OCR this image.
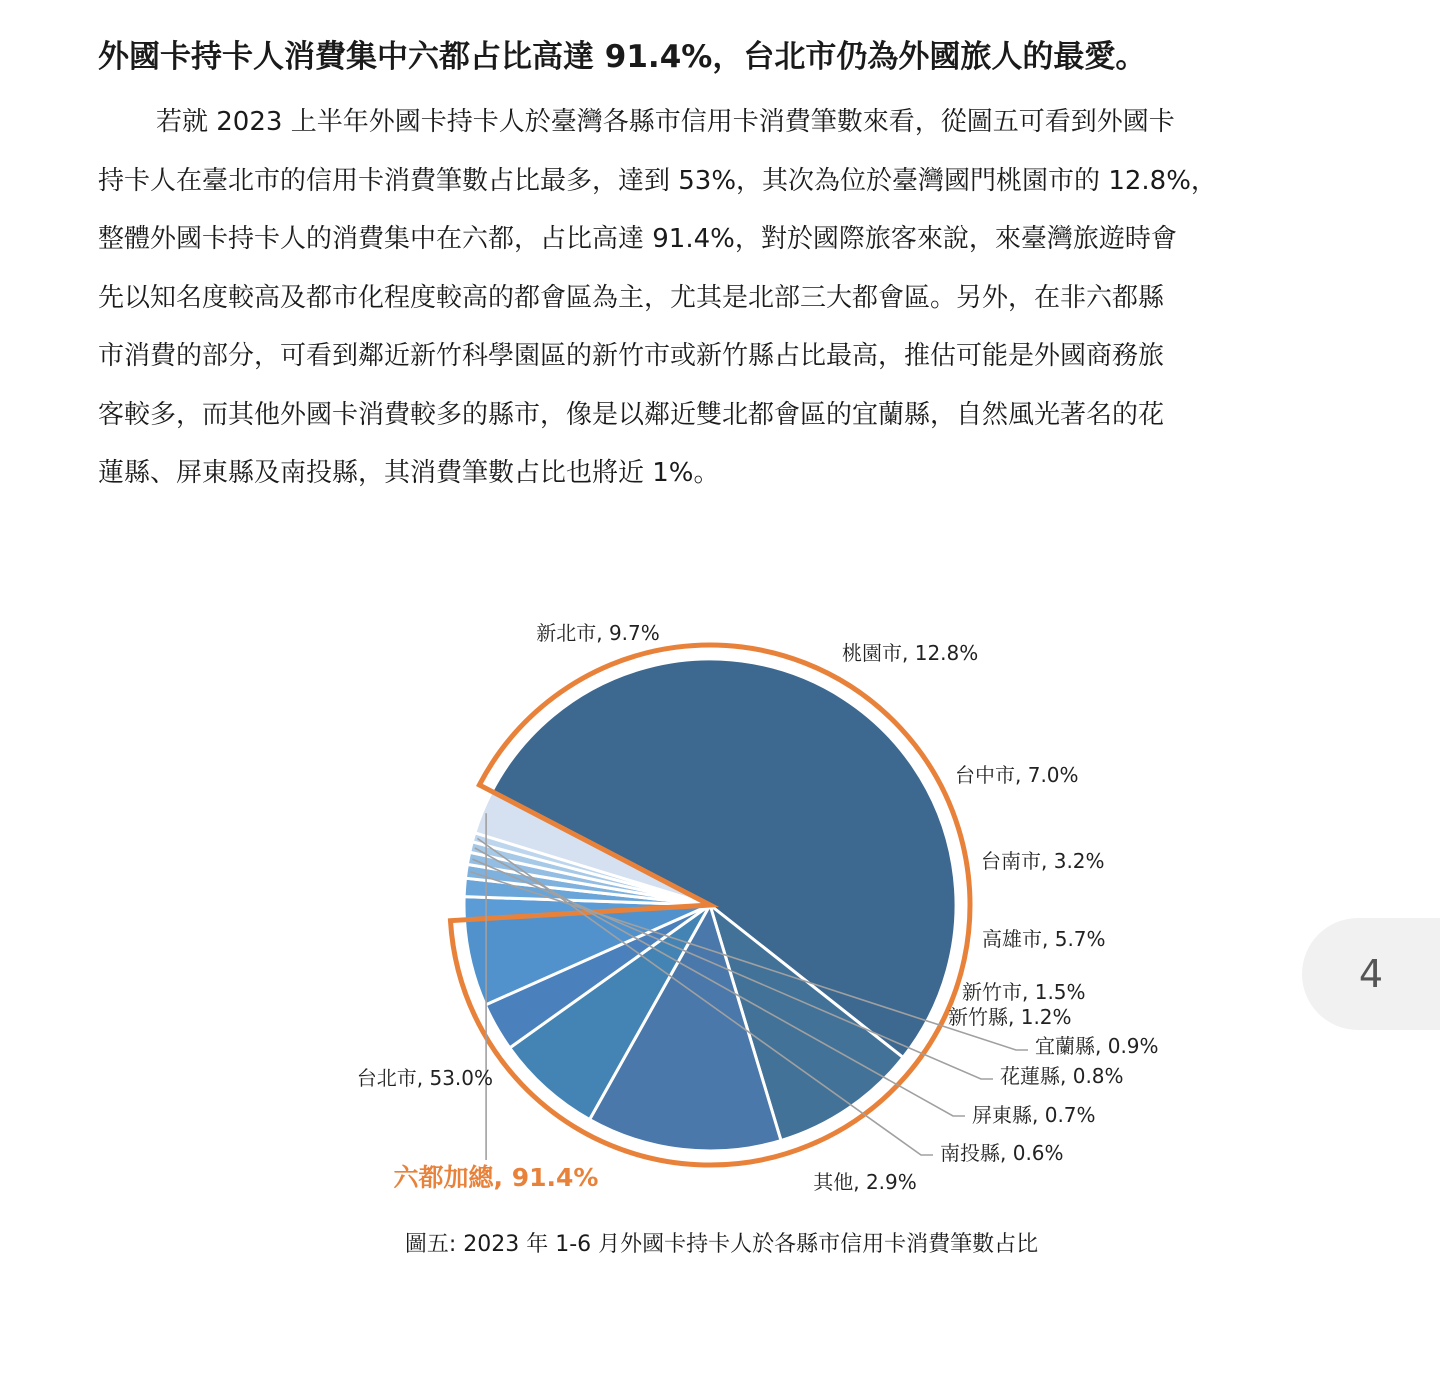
外國卡持卡人消費集中六都占比高達 91.4%，台北市仍為外國旅人的最愛。
若就 2023 上半年外國卡持卡人於臺灣各縣市信用卡消費筆數來看，從圖五可看到外國卡
持卡人在臺北市的信用卡消費筆數占比最多，達到 53%，其次為位於臺灣國門桃園市的 12.8%，
整體外國卡持卡人的消費集中在六都，占比高達 91.4%，對於國際旅客來說，來臺灣旅遊時會
先以知名度較高及都市化程度較高的都會區為主，尤其是北部三大都會區。另外，在非六都縣
市消費的部分，可看到鄰近新竹科學園區的新竹市或新竹縣占比最高，推估可能是外國商務旅
客較多，而其他外國卡消費較多的縣市，像是以鄰近雙北都會區的宜蘭縣，自然風光著名的花
蓮縣、屏東縣及南投縣，其消費筆數占比也將近 1%。
台北市, 53.0%
新北市, 9.7%
桃園市, 12.8%
台中市, 7.0%
台南市, 3.2%
高雄市, 5.7%
新竹市, 1.5%
新竹縣, 1.2%
宜蘭縣, 0.9%
花蓮縣, 0.8%
屏東縣, 0.7%
南投縣, 0.6%
其他, 2.9%
六都加總, 91.4%

圖五: 2023 年 1-6 月外國卡持卡人於各縣市信用卡消費筆數占比

4
